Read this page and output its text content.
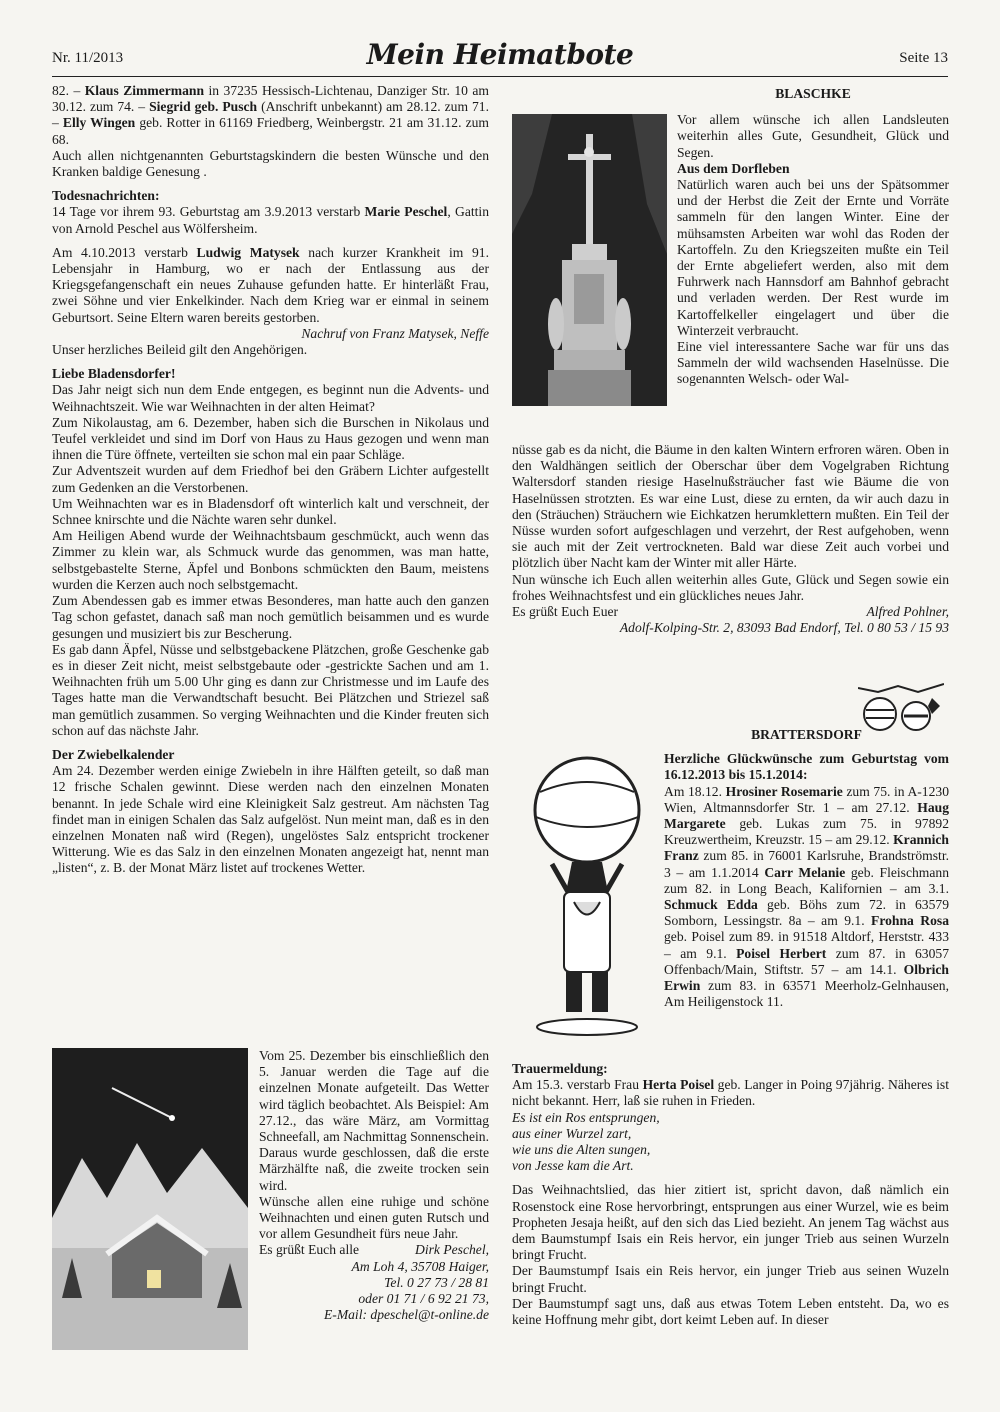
Nr. 11/2013	Mein Heimatbote	Seite 13

82. – Klaus Zimmermann in 37235 Hessisch-Lichtenau, Danziger Str. 10 am 30.12. zum 74. – Siegrid geb. Pusch (Anschrift unbekannt) am 28.12. zum 71. – Elly Wingen geb. Rotter in 61169 Friedberg, Weinbergstr. 21 am 31.12. zum 68.

Auch allen nichtgenannten Geburtstagskindern die besten Wünsche und den Kranken baldige Genesung .

Todesnachrichten:

14 Tage vor ihrem 93. Geburtstag am 3.9.2013 verstarb Marie Peschel, Gattin von Arnold Peschel aus Wölfersheim.

Am 4.10.2013 verstarb Ludwig Matysek nach kurzer Krankheit im 91. Lebensjahr in Hamburg, wo er nach der Entlassung aus der Kriegsgefangenschaft ein neues Zuhause gefunden hatte. Er hinterläßt Frau, zwei Söhne und vier Enkelkinder. Nach dem Krieg war er einmal in seinem Geburtsort. Seine Eltern waren bereits gestorben.

Nachruf von Franz Matysek, Neffe

Unser herzliches Beileid gilt den Angehörigen.

Liebe Bladensdorfer!

Das Jahr neigt sich nun dem Ende entgegen, es beginnt nun die Advents- und Weihnachtszeit. Wie war Weihnachten in der alten Heimat?

Zum Nikolaustag, am 6. Dezember, haben sich die Burschen in Nikolaus und Teufel verkleidet und sind im Dorf von Haus zu Haus gezogen und wenn man ihnen die Türe öffnete, verteilten sie schon mal ein paar Schläge.

Zur Adventszeit wurden auf dem Friedhof bei den Gräbern Lichter aufgestellt zum Gedenken an die Verstorbenen.

Um Weihnachten war es in Bladensdorf oft winterlich kalt und verschneit, der Schnee knirschte und die Nächte waren sehr dunkel.

Am Heiligen Abend wurde der Weihnachtsbaum geschmückt, auch wenn das Zimmer zu klein war, als Schmuck wurde das genommen, was man hatte, selbstgebastelte Sterne, Äpfel und Bonbons schmückten den Baum, meistens wurden die Kerzen auch noch selbstgemacht.

Zum Abendessen gab es immer etwas Besonderes, man hatte auch den ganzen Tag schon gefastet, danach saß man noch gemütlich beisammen und es wurde gesungen und musiziert bis zur Bescherung.

Es gab dann Äpfel, Nüsse und selbstgebackene Plätzchen, große Geschenke gab es in dieser Zeit nicht, meist selbstgebaute oder -gestrickte Sachen und am 1. Weihnachten früh um 5.00 Uhr ging es dann zur Christmesse und im Laufe des Tages hatte man die Verwandtschaft besucht. Bei Plätzchen und Striezel saß man gemütlich zusammen. So verging Weihnachten und die Kinder freuten sich schon auf das nächste Jahr.

Der Zwiebelkalender

Am 24. Dezember werden einige Zwiebeln in ihre Hälften geteilt, so daß man 12 frische Schalen gewinnt. Diese werden nach den einzelnen Monaten benannt. In jede Schale wird eine Kleinigkeit Salz gestreut. Am nächsten Tag findet man in einigen Schalen das Salz aufgelöst. Nun meint man, daß es in den einzelnen Monaten naß wird (Regen), ungelöstes Salz entspricht trockener Witterung. Wie es das Salz in den einzelnen Monaten angezeigt hat, nennt man „listen“, z. B. der Monat März listet auf trockenes Wetter.

Vom 25. Dezember bis einschließlich den 5. Januar werden die Tage auf die einzelnen Monate aufgeteilt. Das Wetter wird täglich beobachtet. Als Beispiel: Am 27.12., das wäre März, am Vormittag Schneefall, am Nachmittag Sonnenschein. Daraus wurde geschlossen, daß die erste Märzhälfte naß, die zweite trocken sein wird.

Wünsche allen eine ruhige und schöne Weihnachten und einen guten Rutsch und vor allem Gesundheit fürs neue Jahr.

Es grüßt Euch alle	Dirk Peschel,

Am Loh 4, 35708 Haiger,

Tel. 0 27 73 / 28 81

oder 01 71 / 6 92 21 73,

E-Mail: dpeschel@t-online.de

BLASCHKE

Vor allem wünsche ich allen Landsleuten weiterhin alles Gute, Gesundheit, Glück und Segen.

Aus dem Dorfleben

Natürlich waren auch bei uns der Spätsommer und der Herbst die Zeit der Ernte und Vorräte sammeln für den langen Winter. Eine der mühsamsten Arbeiten war wohl das Roden der Kartoffeln. Zu den Kriegszeiten mußte ein Teil der Ernte abgeliefert werden, also mit dem Fuhrwerk nach Hannsdorf am Bahnhof gebracht und verladen werden. Der Rest wurde im Kartoffelkeller eingelagert und über die Winterzeit verbraucht.

Eine viel interessantere Sache war für uns das Sammeln der wild wachsenden Haselnüsse. Die sogenannten Welsch- oder Wal-

nüsse gab es da nicht, die Bäume in den kalten Wintern erfroren wären. Oben in den Waldhängen seitlich der Oberschar über dem Vogelgraben Richtung Waltersdorf standen riesige Haselnußsträucher fast wie Bäume die von Haselnüssen strotzten. Es war eine Lust, diese zu ernten, da wir auch dazu in den (Sträuchen) Sträuchern wie Eichkatzen herumklettern mußten. Ein Teil der Nüsse wurden sofort aufgeschlagen und verzehrt, der Rest aufgehoben, wenn sie auch mit der Zeit vertrockneten. Bald war diese Zeit auch vorbei und plötzlich über Nacht kam der Winter mit aller Härte.

Nun wünsche ich Euch allen weiterhin alles Gute, Glück und Segen sowie ein frohes Weihnachtsfest und ein glückliches neues Jahr.

Es grüßt Euch Euer	Alfred Pohlner,

Adolf-Kolping-Str. 2, 83093 Bad Endorf, Tel. 0 80 53 / 15 93

BRATTERSDORF

Herzliche Glückwünsche zum Geburtstag vom 16.12.2013 bis 15.1.2014:

Am 18.12. Hrosiner Rosemarie zum 75. in A-1230 Wien, Altmannsdorfer Str. 1 – am 27.12. Haug Margarete geb. Lukas zum 75. in 97892 Kreuzwertheim, Kreuzstr. 15 – am 29.12. Krannich Franz zum 85. in 76001 Karlsruhe, Brandströmstr. 3 – am 1.1.2014 Carr Melanie geb. Fleischmann zum 82. in Long Beach, Kalifornien – am 3.1. Schmuck Edda geb. Böhs zum 72. in 63579 Somborn, Lessingstr. 8a – am 9.1. Frohna Rosa geb. Poisel zum 89. in 91518 Altdorf, Herststr. 433 – am 9.1. Poisel Herbert zum 87. in 63057 Offenbach/Main, Stiftstr. 57 – am 14.1. Olbrich Erwin zum 83. in 63571 Meerholz-Gelnhausen, Am Heiligenstock 11.

Trauermeldung:

Am 15.3. verstarb Frau Herta Poisel geb. Langer in Poing 97jährig. Näheres ist nicht bekannt. Herr, laß sie ruhen in Frieden.

Es ist ein Ros entsprungen,

aus einer Wurzel zart,

wie uns die Alten sungen,

von Jesse kam die Art.

Das Weihnachtslied, das hier zitiert ist, spricht davon, daß nämlich ein Rosenstock eine Rose hervorbringt, entsprungen aus einer Wurzel, wie es beim Propheten Jesaja heißt, auf den sich das Lied bezieht. An jenem Tag wächst aus dem Baumstumpf Isais ein Reis hervor, ein junger Trieb aus seinen Wurzeln bringt Frucht.

Der Baumstumpf Isais ein Reis hervor, ein junger Trieb aus seinen Wuzeln bringt Frucht.

Der Baumstumpf sagt uns, daß aus etwas Totem Leben entsteht. Da, wo es keine Hoffnung mehr gibt, dort keimt Leben auf. In dieser
